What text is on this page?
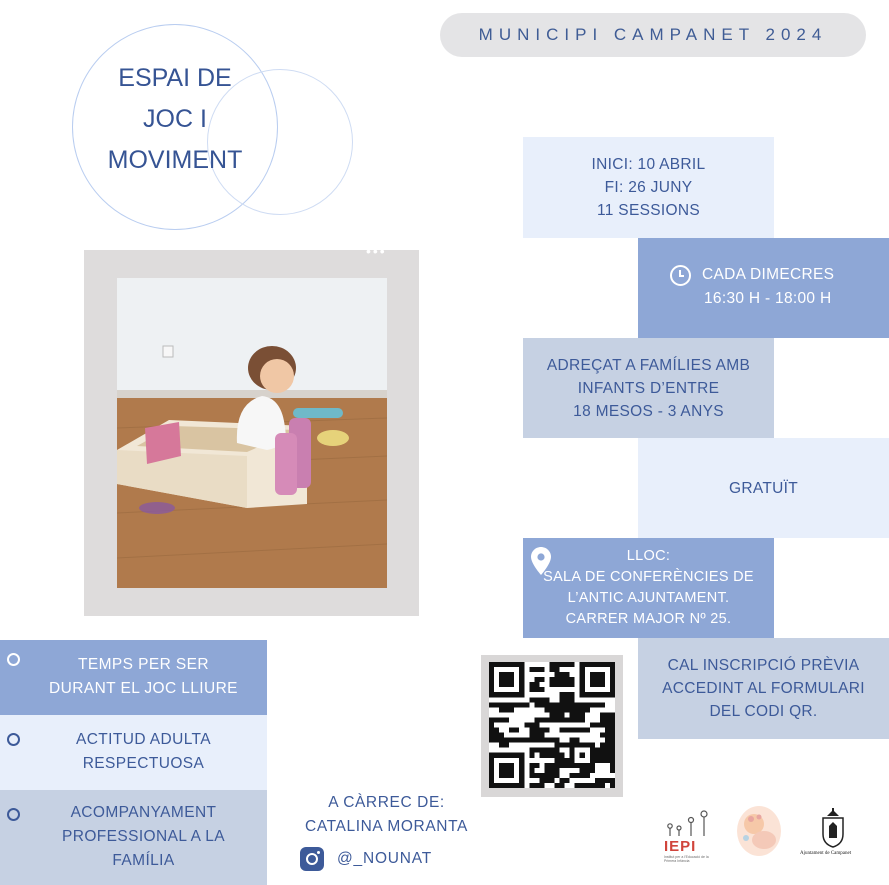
MUNICIPI CAMPANET 2024
ESPAI DE
JOC I
MOVIMENT
•••
INICI: 10 ABRIL
FI: 26 JUNY
11 SESSIONS
CADA DIMECRES
16:30 H - 18:00 H
ADREÇAT A FAMÍLIES AMB
INFANTS D’ENTRE
18 MESOS - 3 ANYS
GRATUÏT
LLOC:
SALA DE CONFERÈNCIES DE
L’ANTIC AJUNTAMENT.
CARRER MAJOR Nº 25.
CAL INSCRIPCIÓ PRÈVIA
ACCEDINT AL FORMULARI
DEL CODI QR.
TEMPS PER SER
DURANT EL JOC LLIURE
ACTITUD ADULTA
RESPECTUOSA
ACOMPANYAMENT
PROFESSIONAL A LA
FAMÍLIA
A CÀRREC DE:
CATALINA MORANTA
@_NOUNAT
IEPI
Institut per a l'Educació de la Primera Infància
Ajuntament de Campanet
